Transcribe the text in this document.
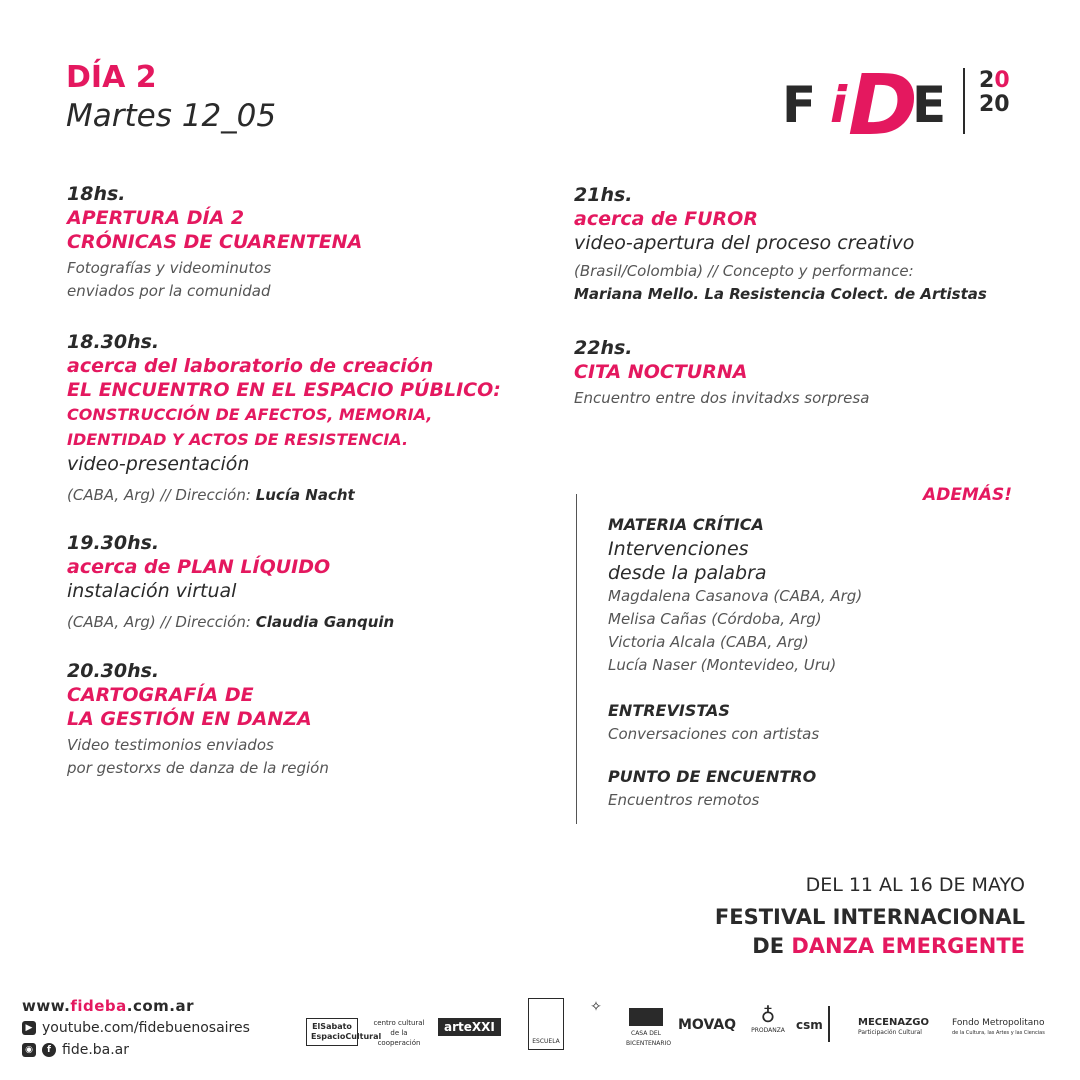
DÍA 2
Martes 12_05	F i D
E 20
20
18hs.
APERTURA DÍA 2
CRÓNICAS DE CUARENTENA
Fotografías y videominutos
enviados por la comunidad
18.30hs.
acerca del laboratorio de creación
EL ENCUENTRO EN EL ESPACIO PÚBLICO:
CONSTRUCCIÓN DE AFECTOS, MEMORIA,
IDENTIDAD Y ACTOS DE RESISTENCIA.
video-presentación
(CABA, Arg) // Dirección: Lucía Nacht
19.30hs.
acerca de PLAN LÍQUIDO
instalación virtual
(CABA, Arg) // Dirección: Claudia Ganquin
20.30hs.
CARTOGRAFÍA DE
LA GESTIÓN EN DANZA
Video testimonios enviados
por gestorxs de danza de la región
21hs.
acerca de FUROR
video-apertura del proceso creativo
(Brasil/Colombia) // Concepto y performance:
Mariana Mello. La Resistencia Colect. de Artistas
22hs.
CITA NOCTURNA
Encuentro entre dos invitadxs sorpresa
ADEMÁS!
MATERIA CRÍTICA
Intervenciones
desde la palabra
Magdalena Casanova (CABA, Arg)
Melisa Cañas (Córdoba, Arg)
Victoria Alcala (CABA, Arg)
Lucía Naser (Montevideo, Uru)
ENTREVISTAS
Conversaciones con artistas
PUNTO DE ENCUENTRO
Encuentros remotos
DEL 11 AL 16 DE MAYO
FESTIVAL INTERNACIONAL
DE DANZA EMERGENTE
www.fideba.com.ar
▶ youtube.com/fidebuenosaires
◉	f fide.ba.ar
ElSabato EspacioCultural
centro cultural de la cooperación
arteXXI
ESCUELA
✧
CASA DEL BICENTENARIO
MOVAQ	♁
PRODANZA csm	MECENAZGO
Participación Cultural
Fondo Metropolitano
de la Cultura, las Artes y las Ciencias
